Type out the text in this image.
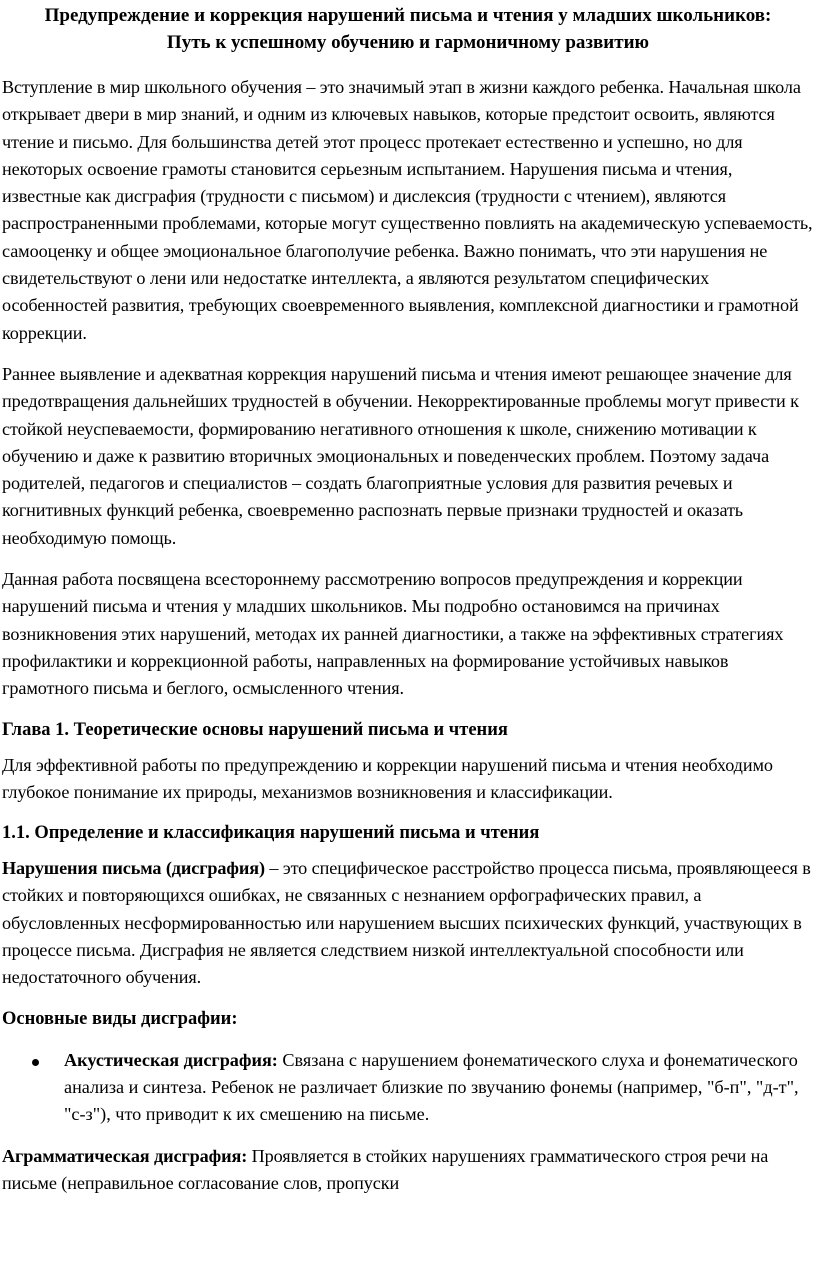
Предупреждение и коррекция нарушений письма и чтения у младших школьников:
Путь к успешному обучению и гармоничному развитию

Вступление в мир школьного обучения – это значимый этап в жизни каждого ребенка. Начальная школа открывает двери в мир знаний, и одним из ключевых навыков, которые предстоит освоить, являются чтение и письмо. Для большинства детей этот процесс протекает естественно и успешно, но для некоторых освоение грамоты становится серьезным испытанием. Нарушения письма и чтения, известные как дисграфия (трудности с письмом) и дислексия (трудности с чтением), являются распространенными проблемами, которые могут существенно повлиять на академическую успеваемость, самооценку и общее эмоциональное благополучие ребенка. Важно понимать, что эти нарушения не свидетельствуют о лени или недостатке интеллекта, а являются результатом специфических особенностей развития, требующих своевременного выявления, комплексной диагностики и грамотной коррекции.

Раннее выявление и адекватная коррекция нарушений письма и чтения имеют решающее значение для предотвращения дальнейших трудностей в обучении. Некорректированные проблемы могут привести к стойкой неуспеваемости, формированию негативного отношения к школе, снижению мотивации к обучению и даже к развитию вторичных эмоциональных и поведенческих проблем. Поэтому задача родителей, педагогов и специалистов – создать благоприятные условия для развития речевых и когнитивных функций ребенка, своевременно распознать первые признаки трудностей и оказать необходимую помощь.

Данная работа посвящена всестороннему рассмотрению вопросов предупреждения и коррекции нарушений письма и чтения у младших школьников. Мы подробно остановимся на причинах возникновения этих нарушений, методах их ранней диагностики, а также на эффективных стратегиях профилактики и коррекционной работы, направленных на формирование устойчивых навыков грамотного письма и беглого, осмысленного чтения.

Глава 1. Теоретические основы нарушений письма и чтения

Для эффективной работы по предупреждению и коррекции нарушений письма и чтения необходимо глубокое понимание их природы, механизмов возникновения и классификации.

1.1. Определение и классификация нарушений письма и чтения

Нарушения письма (дисграфия) – это специфическое расстройство процесса письма, проявляющееся в стойких и повторяющихся ошибках, не связанных с незнанием орфографических правил, а обусловленных несформированностью или нарушением высших психических функций, участвующих в процессе письма. Дисграфия не является следствием низкой интеллектуальной способности или недостаточного обучения.

Основные виды дисграфии:
Акустическая дисграфия: Связана с нарушением фонематического слуха и фонематического анализа и синтеза. Ребенок не различает близкие по звучанию фонемы (например, "б-п", "д-т", "с-з"), что приводит к их смешению на письме.

Аграмматическая дисграфия: Проявляется в стойких нарушениях грамматического строя речи на письме (неправильное согласование слов, пропуски
